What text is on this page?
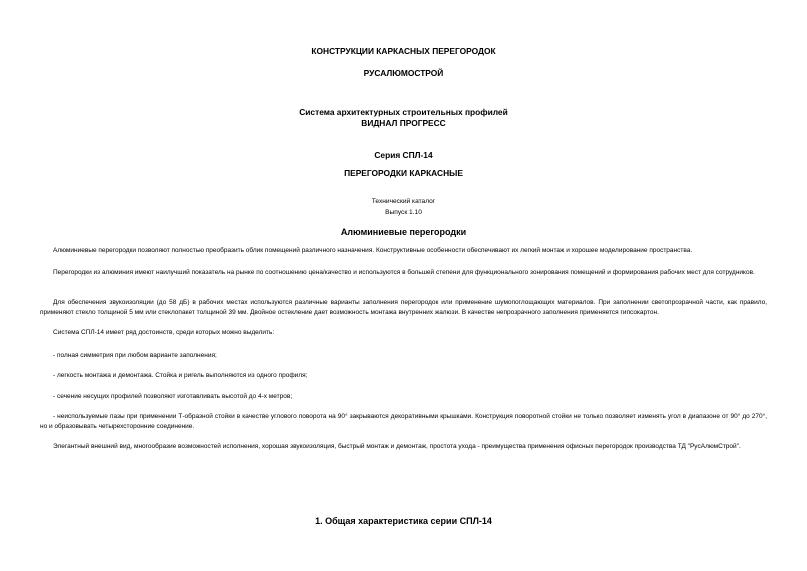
КОНСТРУКЦИИ КАРКАСНЫХ ПЕРЕГОРОДОК
РУСАЛЮМОСТРОЙ
Система архитектурных строительных профилей
ВИДНАЛ ПРОГРЕСС
Серия СПЛ-14
ПЕРЕГОРОДКИ КАРКАСНЫЕ
Технический каталог
Выпуск 1.10
Алюминиевые перегородки
Алюминиевые перегородки позволяют полностью преобразить облик помещений различного назначения. Конструктивные особенности обеспечивают их легкий монтаж и хорошее моделирование пространства.
Перегородки из алюминия имеют наилучший показатель на рынке по соотношению цена/качество и используются в большей степени для функционального зонирования помещений и формирования рабочих мест для сотрудников.
Для обеспечения звукоизоляции (до 58 дБ) в рабочих местах используются различные варианты заполнения перегородок или применение шумопоглощающих материалов. При заполнении светопрозрачной части, как правило, применяют стекло толщиной 5 мм или стеклопакет толщиной 39 мм. Двойное остекление дает возможность монтажа внутренних жалюзи. В качестве непрозрачного заполнения применяется гипсокартон.
Система СПЛ-14 имеет ряд достоинств, среди которых можно выделить:
- полная симметрия при любом варианте заполнения;
- легкость монтажа и демонтажа. Стойка и ригель выполняются из одного профиля;
- сечение несущих профилей позволяют изготавливать высотой до 4-х метров;
- неиспользуемые пазы при применении Т-образной стойки в качестве углового поворота на 90° закрываются декоративными крышками. Конструкция поворотной стойки не только позволяет изменять угол в диапазоне от 90° до 270°, но и образовывать четырехсторонние соединение.
Элегантный внешний вид, многообразие возможностей исполнения, хорошая звукоизоляция, быстрый монтаж и демонтаж, простота ухода - преимущества применения офисных перегородок производства ТД "РусАлюмСтрой".
1. Общая характеристика серии СПЛ-14
